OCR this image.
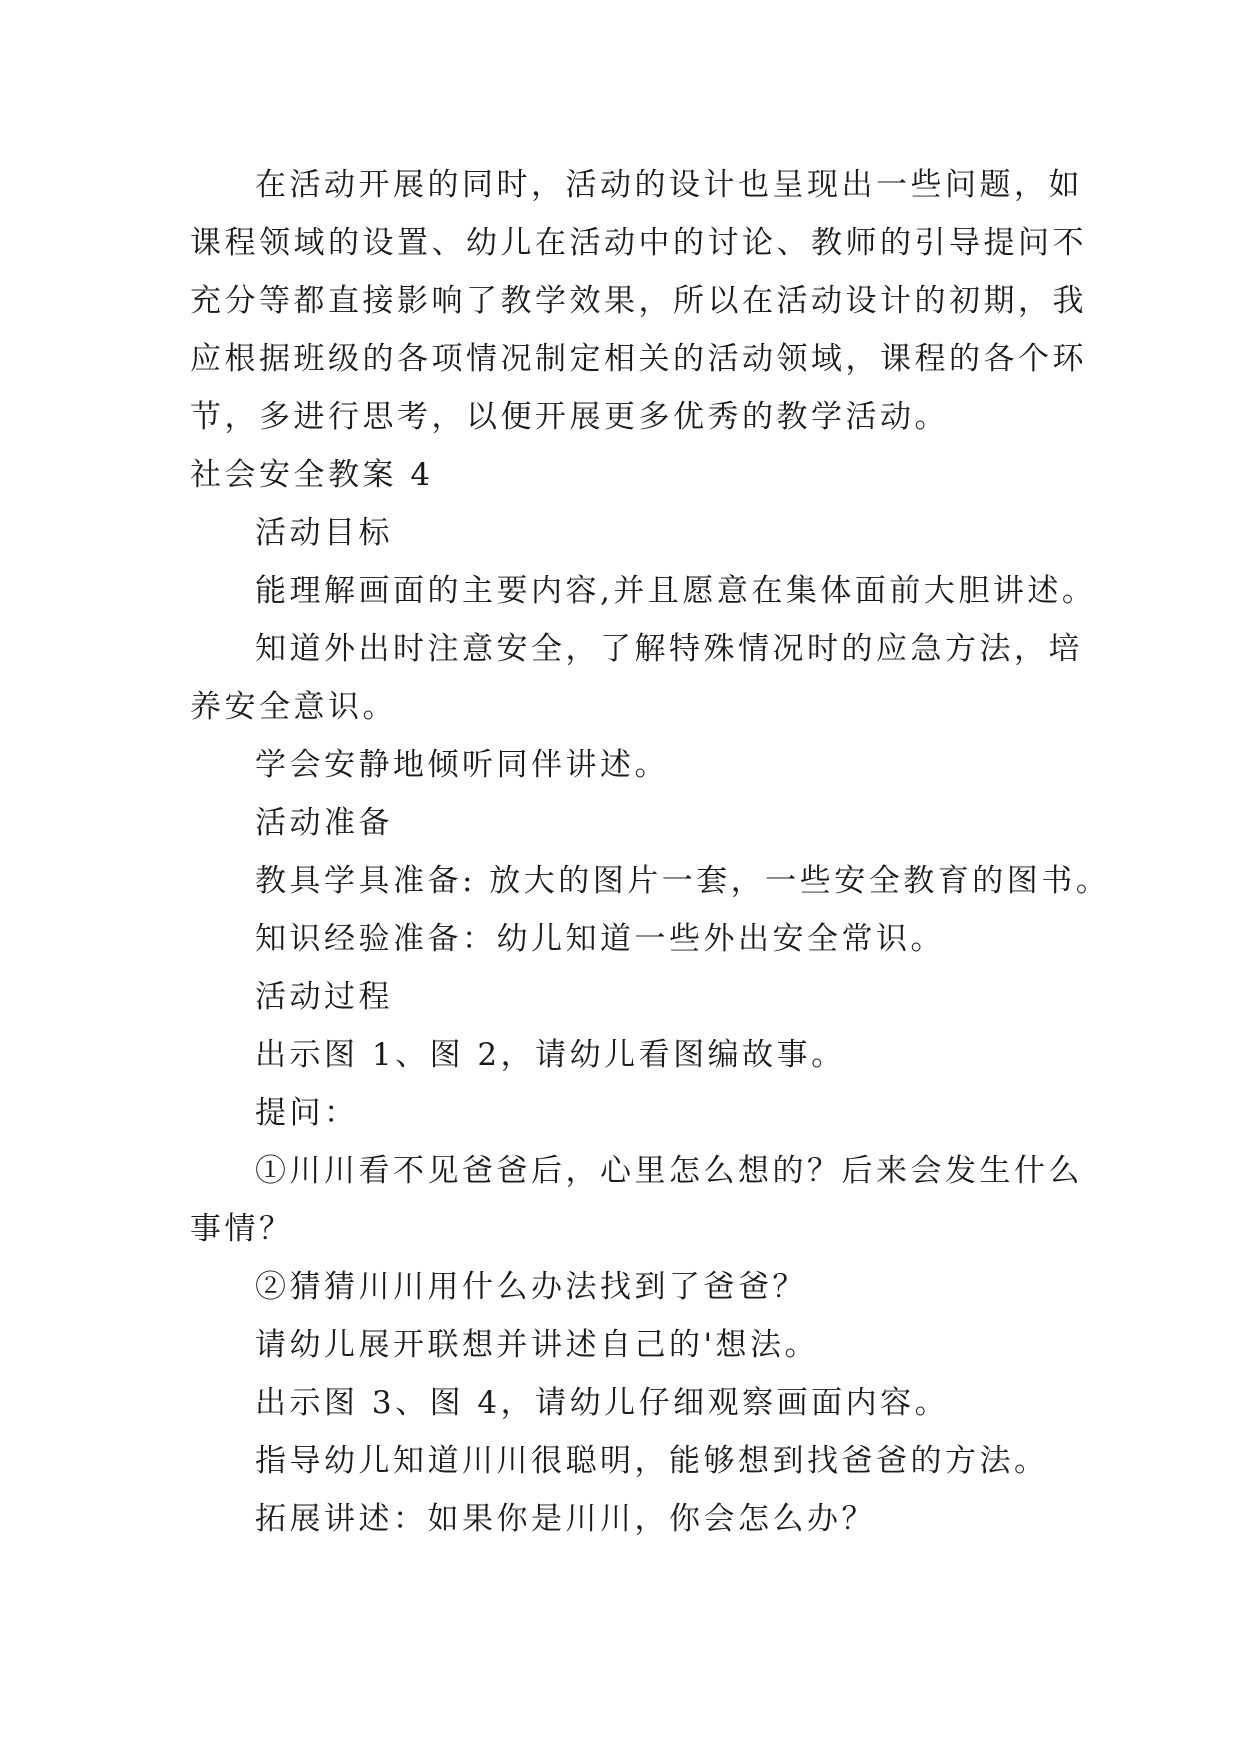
在活动开展的同时，活动的设计也呈现出一些问题，如
课程领域的设置、幼儿在活动中的讨论、教师的引导提问不
充分等都直接影响了教学效果，所以在活动设计的初期，我
应根据班级的各项情况制定相关的活动领域，课程的各个环
节，多进行思考，以便开展更多优秀的教学活动。
社会安全教案 4
活动目标
能理解画面的主要内容,并且愿意在集体面前大胆讲述。
知道外出时注意安全，了解特殊情况时的应急方法，培
养安全意识。
学会安静地倾听同伴讲述。
活动准备
教具学具准备: 放大的图片一套，一些安全教育的图书。
知识经验准备：幼儿知道一些外出安全常识。
活动过程
出示图 1、图 2，请幼儿看图编故事。
提问：
①川川看不见爸爸后，心里怎么想的？后来会发生什么
事情？
②猜猜川川用什么办法找到了爸爸？
请幼儿展开联想并讲述自己的'想法。
出示图 3、图 4，请幼儿仔细观察画面内容。
指导幼儿知道川川很聪明，能够想到找爸爸的方法。
拓展讲述：如果你是川川，你会怎么办？
